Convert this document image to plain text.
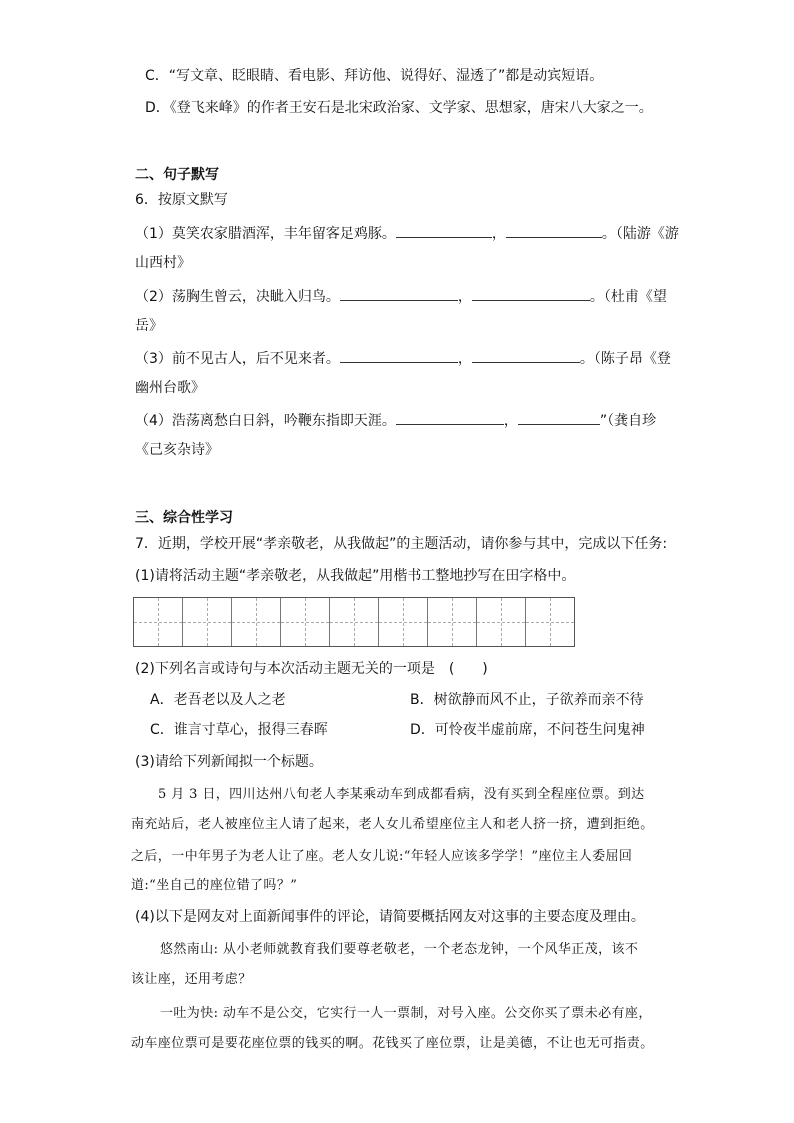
C．“写文章、眨眼睛、看电影、拜访他、说得好、湿透了”都是动宾短语。
D．《登飞来峰》的作者王安石是北宋政治家、文学家、思想家，唐宋八大家之一。
二、句子默写
6．按原文默写
（1）莫笑农家腊酒浑，丰年留客足鸡豚。	，	。（陆游《游
山西村》
（2）荡胸生曾云，决眦入归鸟。	，	。（杜甫《望
岳》
（3）前不见古人，后不见来者。	，	。（陈子昂《登
幽州台歌》
（4）浩荡离愁白日斜，吟鞭东指即天涯。	，	”（龚自珍
《己亥杂诗》
三、综合性学习
7．近期，学校开展“孝亲敬老，从我做起”的主题活动，请你参与其中，完成以下任务:
(1)请将活动主题“孝亲敬老，从我做起”用楷书工整地抄写在田字格中。
(2)下列名言或诗句与本次活动主题无关的一项是　(　　)
A．老吾老以及人之老	B．树欲静而风不止，子欲养而亲不待
C．谁言寸草心，报得三春晖	D．可怜夜半虚前席，不问苍生问鬼神
(3)请给下列新闻拟一个标题。
5 月 3 日，四川达州八旬老人李某乘动车到成都看病，没有买到全程座位票。到达
南充站后，老人被座位主人请了起来，老人女儿希望座位主人和老人挤一挤，遭到拒绝。
之后，一中年男子为老人让了座。老人女儿说:“年轻人应该多学学！”座位主人委屈回
道:“坐自己的座位错了吗？”
(4)以下是网友对上面新闻事件的评论，请简要概括网友对这事的主要态度及理由。
悠然南山: 从小老师就教育我们要尊老敬老，一个老态龙钟，一个风华正茂，该不
该让座，还用考虑？
一吐为快: 动车不是公交，它实行一人一票制，对号入座。公交你买了票未必有座，
动车座位票可是要花座位票的钱买的啊。花钱买了座位票，让是美德，不让也无可指责。
